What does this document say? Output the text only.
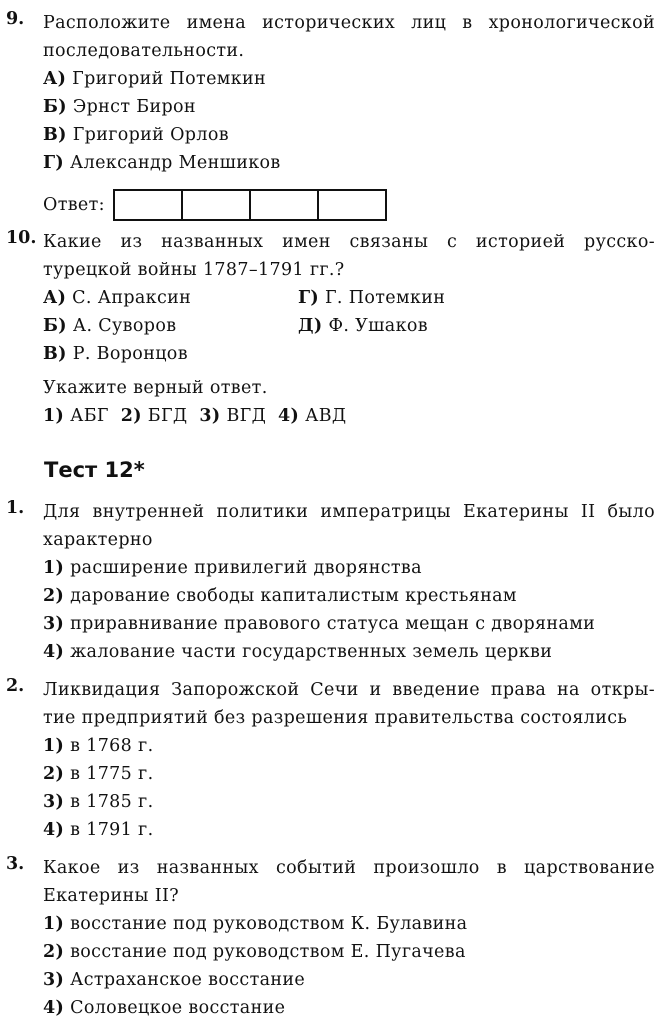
9. Расположите имена исторических лиц в хронологической
последовательности.
А) Григорий Потемкин
Б) Эрнст Бирон
В) Григорий Орлов
Г) Александр Меншиков
Ответ:
10. Какие из названных имен связаны с историей русско-
турецкой войны 1787–1791 гг.?
А) С. Апраксин	Г) Г. Потемкин
Б) А. Суворов	Д) Ф. Ушаков
В) Р. Воронцов
Укажите верный ответ.
1) АБГ 2) БГД 3) ВГД 4) АВД
Тест 12*
1. Для внутренней политики императрицы Екатерины II было
характерно
1) расширение привилегий дворянства
2) дарование свободы капиталистым крестьянам
3) приравнивание правового статуса мещан с дворянами
4) жалование части государственных земель церкви
2. Ликвидация Запорожской Сечи и введение права на откры-
тие предприятий без разрешения правительства состоялись
1) в 1768 г.
2) в 1775 г.
3) в 1785 г.
4) в 1791 г.
3. Какое из названных событий произошло в царствование
Екатерины II?
1) восстание под руководством К. Булавина
2) восстание под руководством Е. Пугачева
3) Астраханское восстание
4) Соловецкое восстание
